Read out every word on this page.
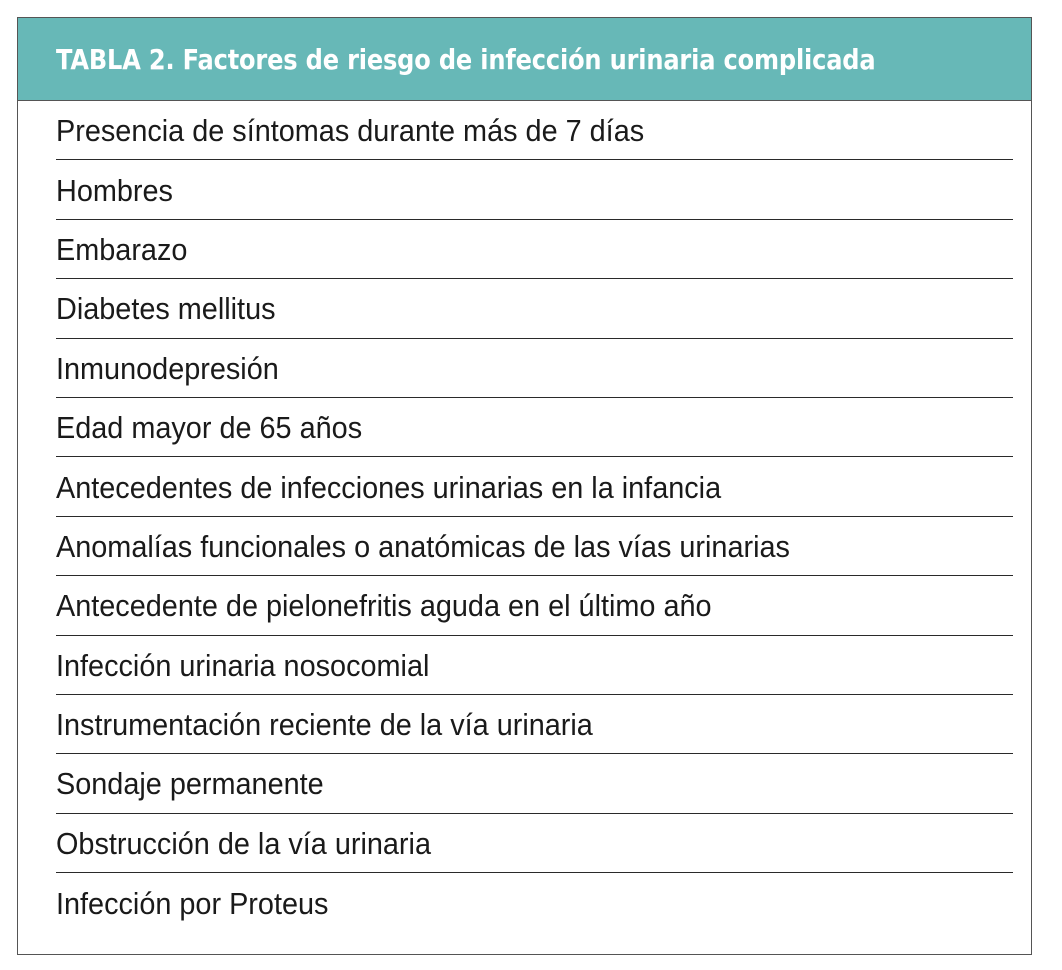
TABLA 2. Factores de riesgo de infección urinaria complicada
Presencia de síntomas durante más de 7 días
Hombres
Embarazo
Diabetes mellitus
Inmunodepresión
Edad mayor de 65 años
Antecedentes de infecciones urinarias en la infancia
Anomalías funcionales o anatómicas de las vías urinarias
Antecedente de pielonefritis aguda en el último año
Infección urinaria nosocomial
Instrumentación reciente de la vía urinaria
Sondaje permanente
Obstrucción de la vía urinaria
Infección por Proteus
